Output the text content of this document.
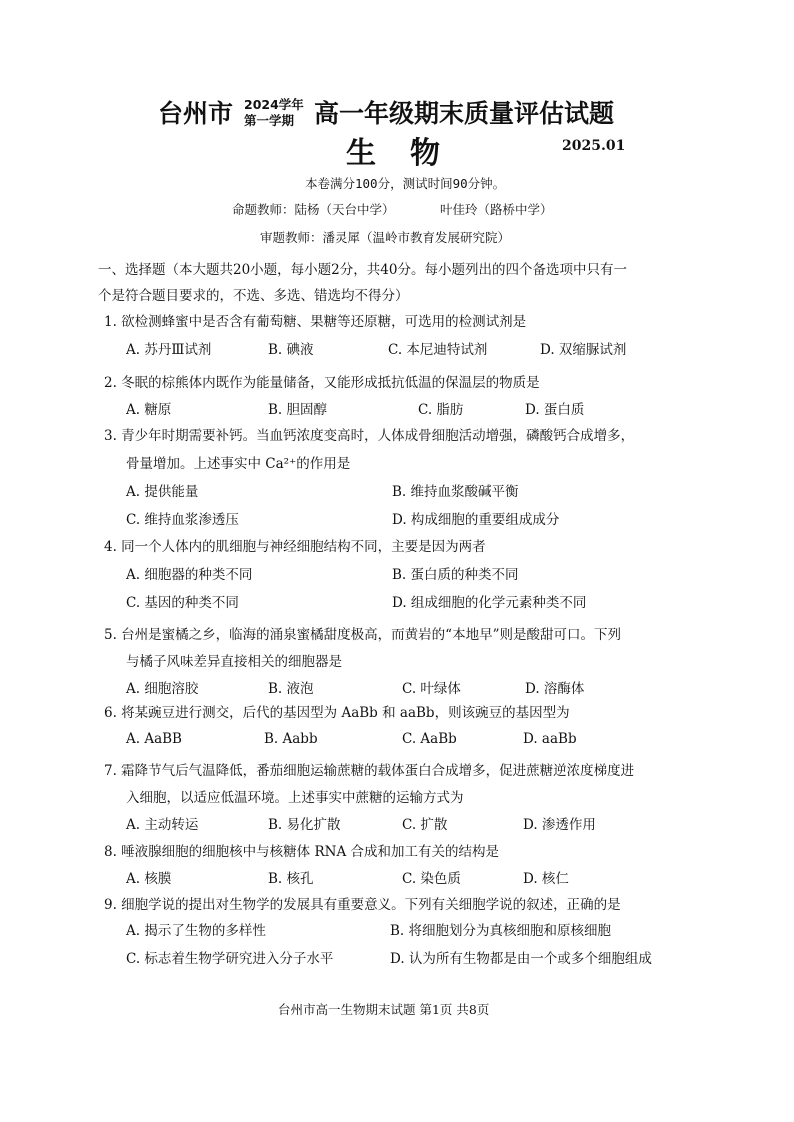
台州市 2024学年
第一学期 高一年级期末质量评估试题
生物	2025.01
本卷满分100分，测试时间90分钟。
命题教师：陆杨（天台中学）	叶佳玲（路桥中学）
审题教师：潘灵犀（温岭市教育发展研究院）
一、选择题（本大题共20小题，每小题2分，共40分。每小题列出的四个备选项中只有一
个是符合题目要求的，不选、多选、错选均不得分）
1. 欲检测蜂蜜中是否含有葡萄糖、果糖等还原糖，可选用的检测试剂是
A. 苏丹Ⅲ试剂	B. 碘液	C. 本尼迪特试剂	D. 双缩脲试剂
2. 冬眠的棕熊体内既作为能量储备，又能形成抵抗低温的保温层的物质是
A. 糖原	B. 胆固醇	C. 脂肪	D. 蛋白质
3. 青少年时期需要补钙。当血钙浓度变高时，人体成骨细胞活动增强，磷酸钙合成增多，
骨量增加。上述事实中 Ca²⁺的作用是
A. 提供能量	B. 维持血浆酸碱平衡
C. 维持血浆渗透压	D. 构成细胞的重要组成成分
4. 同一个人体内的肌细胞与神经细胞结构不同，主要是因为两者
A. 细胞器的种类不同	B. 蛋白质的种类不同
C. 基因的种类不同	D. 组成细胞的化学元素种类不同
5. 台州是蜜橘之乡，临海的涌泉蜜橘甜度极高，而黄岩的“本地早”则是酸甜可口。下列
与橘子风味差异直接相关的细胞器是
A. 细胞溶胶	B. 液泡	C. 叶绿体	D. 溶酶体
6. 将某豌豆进行测交，后代的基因型为 AaBb 和 aaBb，则该豌豆的基因型为
A. AaBB	B. Aabb	C. AaBb	D. aaBb
7. 霜降节气后气温降低，番茄细胞运输蔗糖的载体蛋白合成增多，促进蔗糖逆浓度梯度进
入细胞，以适应低温环境。上述事实中蔗糖的运输方式为
A. 主动转运	B. 易化扩散	C. 扩散	D. 渗透作用
8. 唾液腺细胞的细胞核中与核糖体 RNA 合成和加工有关的结构是
A. 核膜	B. 核孔	C. 染色质	D. 核仁
9. 细胞学说的提出对生物学的发展具有重要意义。下列有关细胞学说的叙述，正确的是
A. 揭示了生物的多样性	B. 将细胞划分为真核细胞和原核细胞
C. 标志着生物学研究进入分子水平	D. 认为所有生物都是由一个或多个细胞组成
台州市高一生物期末试题 第1页 共8页
